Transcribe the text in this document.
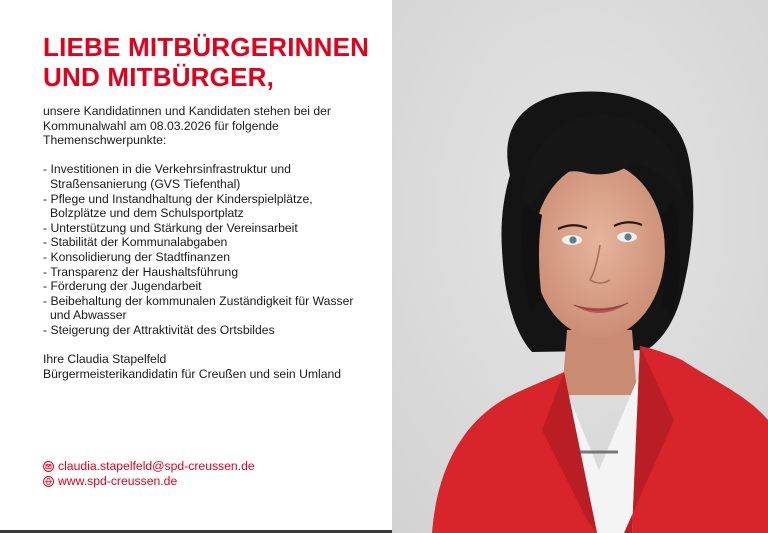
LIEBE MITBÜRGERINNEN
UND MITBÜRGER,

unsere Kandidatinnen und Kandidaten stehen bei der

Kommunalwahl am 08.03.2026 für folgende

Themenschwerpunkte:

- Investitionen in die Verkehrsinfrastruktur und
Straßensanierung (GVS Tiefenthal)
- Pflege und Instandhaltung der Kinderspielplätze,
Bolzplätze und dem Schulsportplatz
- Unterstützung und Stärkung der Vereinsarbeit
- Stabilität der Kommunalabgaben
- Konsolidierung der Stadtfinanzen
- Transparenz der Haushaltsführung
- Förderung der Jugendarbeit
- Beibehaltung der kommunalen Zuständigkeit für Wasser
und Abwasser
- Steigerung der Attraktivität des Ortsbildes

Ihre Claudia Stapelfeld

Bürgermeisterikandidatin für Creußen und sein Umland

claudia.stapelfeld@spd-creussen.de
www.spd-creussen.de
